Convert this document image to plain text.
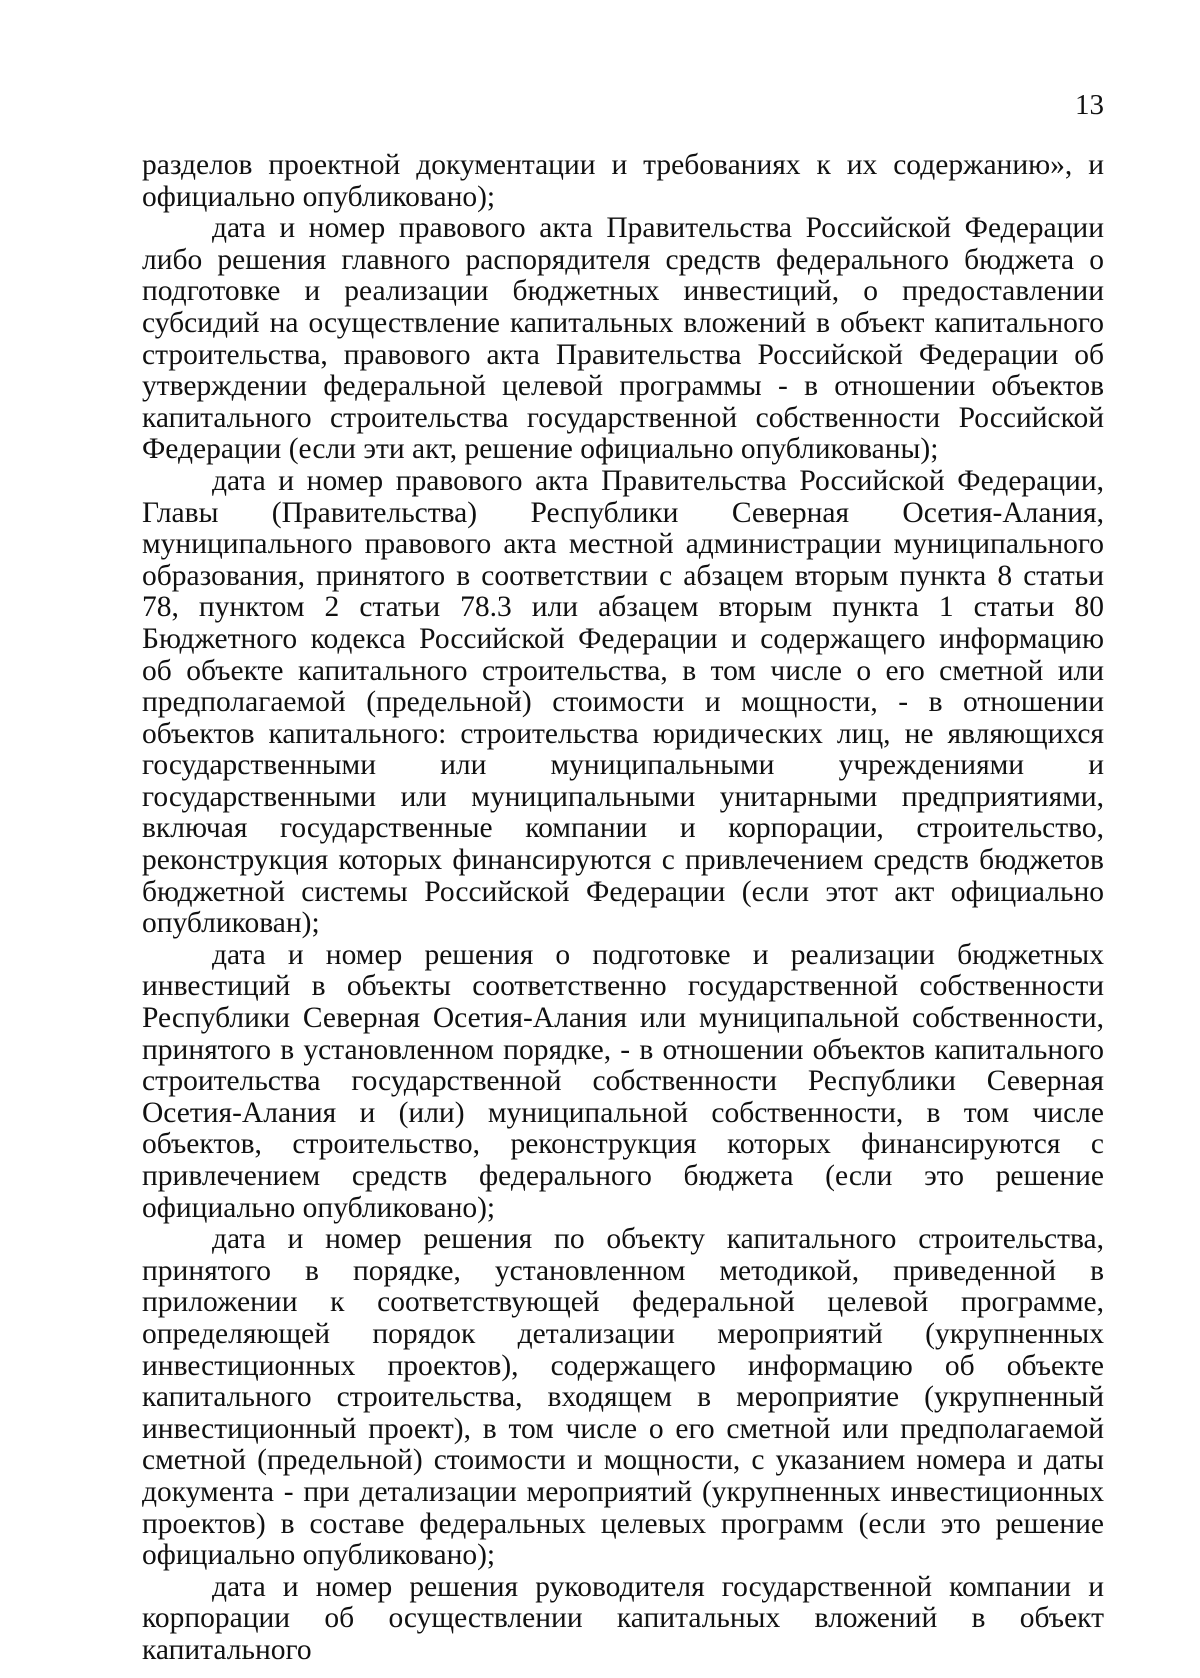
13

разделов проектной документации и требованиях к их содержанию», и официально опубликовано);

дата и номер правового акта Правительства Российской Федерации либо решения главного распорядителя средств федерального бюджета о подготовке и реализации бюджетных инвестиций, о предоставлении субсидий на осуществление капитальных вложений в объект капитального строительства, правового акта Правительства Российской Федерации об утверждении федеральной целевой программы - в отношении объектов капитального строительства государственной собственности Российской Федерации (если эти акт, решение официально опубликованы);

дата и номер правового акта Правительства Российской Федерации, Главы (Правительства) Республики Северная Осетия-Алания, муниципального правового акта местной администрации муниципального образования, принятого в соответствии с абзацем вторым пункта 8 статьи 78, пунктом 2 статьи 78.3 или абзацем вторым пункта 1 статьи 80 Бюджетного кодекса Российской Федерации и содержащего информацию об объекте капитального строительства, в том числе о его сметной или предполагаемой (предельной) стоимости и мощности, - в отношении объектов капитального: строительства юридических лиц, не являющихся государственными или муниципальными учреждениями и государственными или муниципальными унитарными предприятиями, включая государственные компании и корпорации, строительство, реконструкция которых финансируются с привлечением средств бюджетов бюджетной системы Российской Федерации (если этот акт официально опубликован);

дата и номер решения о подготовке и реализации бюджетных инвестиций в объекты соответственно государственной собственности Республики Северная Осетия-Алания или муниципальной собственности, принятого в установленном порядке, - в отношении объектов капитального строительства государственной собственности Республики Северная Осетия-Алания и (или) муниципальной собственности, в том числе объектов, строительство, реконструкция которых финансируются с привлечением средств федерального бюджета (если это решение официально опубликовано);

дата и номер решения по объекту капитального строительства, принятого в порядке, установленном методикой, приведенной в приложении к соответствующей федеральной целевой программе, определяющей порядок детализации мероприятий (укрупненных инвестиционных проектов), содержащего информацию об объекте капитального строительства, входящем в мероприятие (укрупненный инвестиционный проект), в том числе о его сметной или предполагаемой сметной (предельной) стоимости и мощности, с указанием номера и даты документа - при детализации мероприятий (укрупненных инвестиционных проектов) в составе федеральных целевых программ (если это решение официально опубликовано);

дата и номер решения руководителя государственной компании и корпорации об осуществлении капитальных вложений в объект капитального
